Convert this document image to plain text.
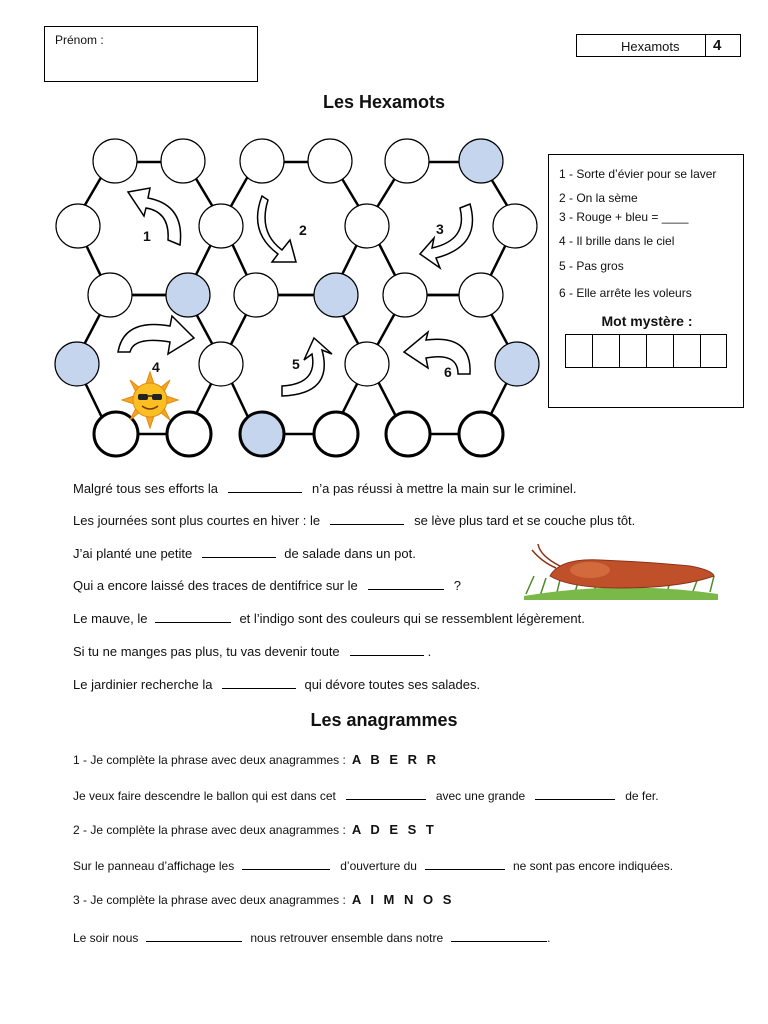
Prénom :	Hexamots 4
Les Hexamots
1	2	3
4	5	6
1 - Sorte d’évier pour se laver
2 - On la sème
3 - Rouge + bleu = ____
4 - Il brille dans le ciel
5 - Pas gros
6 - Elle arrête les voleurs
Mot mystère :
Malgré tous ses efforts la	n’a pas réussi à mettre la main sur le criminel.
Les journées sont plus courtes en hiver : le	se lève plus tard et se couche plus tôt.
J’ai planté une petite	de salade dans un pot.
Qui a encore laissé des traces de dentifrice sur le	?
Le mauve, le	et l’indigo sont des couleurs qui se ressemblent légèrement.
Si tu ne manges pas plus, tu vas devenir toute	.
Le jardinier recherche la	qui dévore toutes ses salades.
Les anagrammes
1 - Je complète la phrase avec deux anagrammes : A B E R R
Je veux faire descendre le ballon qui est dans cet	avec une grande	de fer.
2 - Je complète la phrase avec deux anagrammes : A D E S T
Sur le panneau d’affichage les	d’ouverture du	ne sont pas encore indiquées.
3 - Je complète la phrase avec deux anagrammes : A I M N O S
Le soir nous	nous retrouver ensemble dans notre	.
